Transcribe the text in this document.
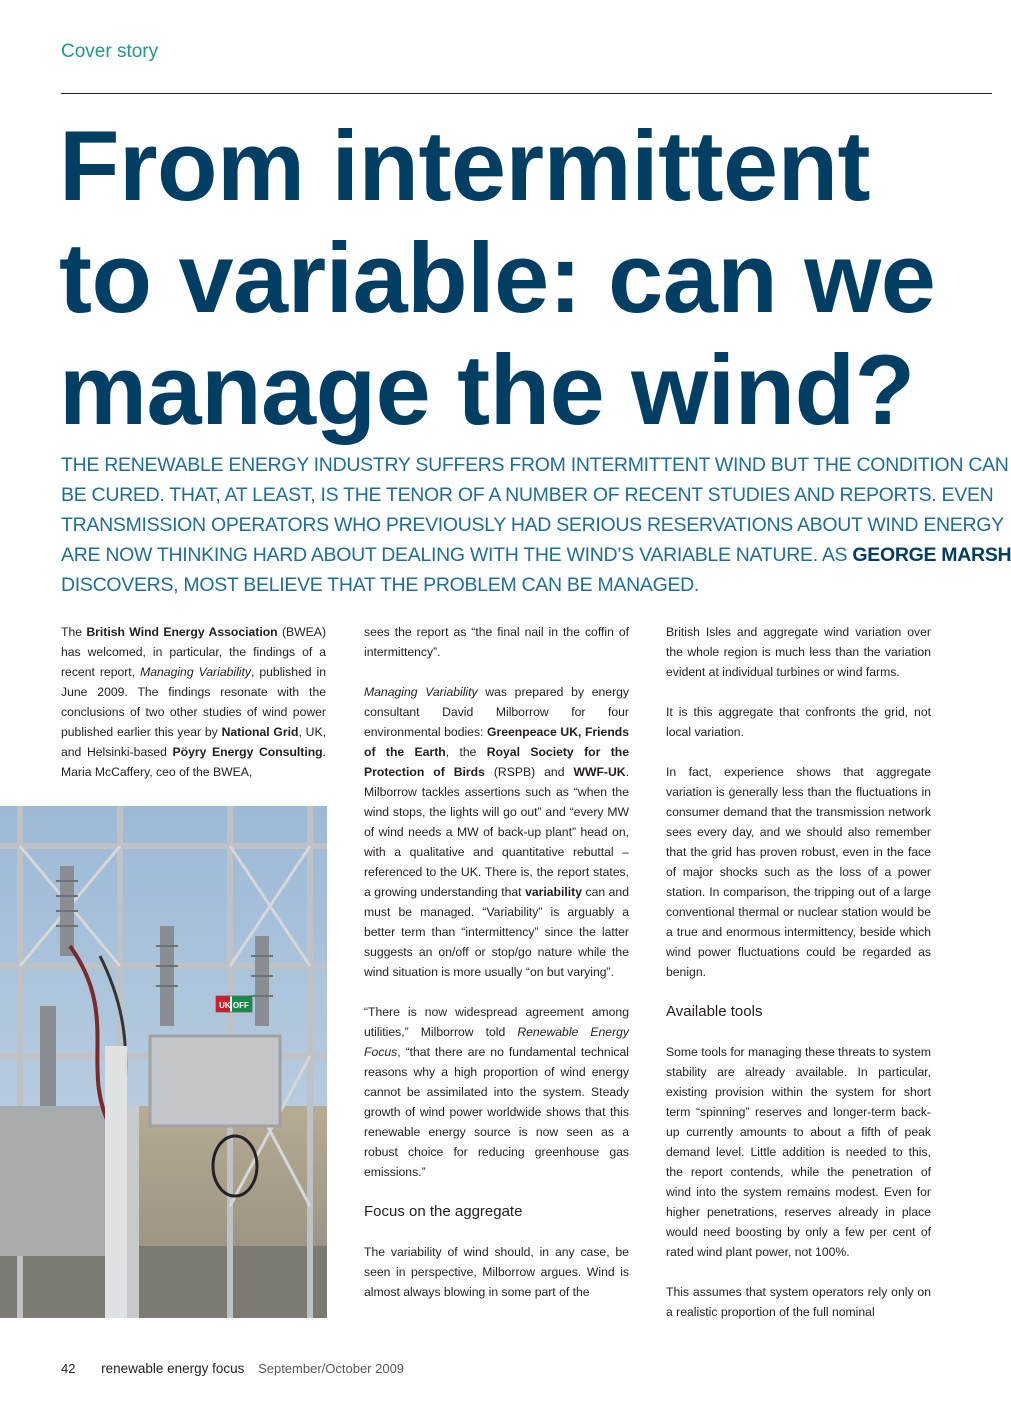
Cover story
From intermittent
to variable: can we
manage the wind?
THE RENEWABLE ENERGY INDUSTRY SUFFERS FROM INTERMITTENT WIND BUT THE CONDITION CAN
BE CURED. THAT, AT LEAST, IS THE TENOR OF A NUMBER OF RECENT STUDIES AND REPORTS. EVEN
TRANSMISSION OPERATORS WHO PREVIOUSLY HAD SERIOUS RESERVATIONS ABOUT WIND ENERGY
ARE NOW THINKING HARD ABOUT DEALING WITH THE WIND’S VARIABLE NATURE. AS GEORGE MARSH
DISCOVERS, MOST BELIEVE THAT THE PROBLEM CAN BE MANAGED.

The British Wind Energy Association (BWEA) has welcomed, in particular, the findings of a recent report, Managing Variability, published in June 2009. The findings resonate with the conclusions of two other studies of wind power published earlier this year by National Grid, UK, and Helsinki-based Pöyry Energy Consulting. Maria McCaffery, ceo of the BWEA,

UK OFF

sees the report as “the final nail in the coffin of intermittency”.

Managing Variability was prepared by energy consultant David Milborrow for four environmental bodies: Greenpeace UK, Friends of the Earth, the Royal Society for the Protection of Birds (RSPB) and WWF-UK. Milborrow tackles assertions such as “when the wind stops, the lights will go out” and “every MW of wind needs a MW of back-up plant” head on, with a qualitative and quantitative rebuttal – referenced to the UK. There is, the report states, a growing understanding that variability can and must be managed. “Variability” is arguably a better term than “intermittency” since the latter suggests an on/off or stop/go nature while the wind situation is more usually “on but varying”.

“There is now widespread agreement among utilities,” Milborrow told Renewable Energy Focus, “that there are no fundamental technical reasons why a high proportion of wind energy cannot be assimilated into the system. Steady growth of wind power worldwide shows that this renewable energy source is now seen as a robust choice for reducing greenhouse gas emissions.”

Focus on the aggregate

The variability of wind should, in any case, be seen in perspective, Milborrow argues. Wind is almost always blowing in some part of the

British Isles and aggregate wind variation over the whole region is much less than the variation evident at individual turbines or wind farms.

It is this aggregate that confronts the grid, not local variation.

In fact, experience shows that aggregate variation is generally less than the fluctuations in consumer demand that the transmission network sees every day, and we should also remember that the grid has proven robust, even in the face of major shocks such as the loss of a power station. In comparison, the tripping out of a large conventional thermal or nuclear station would be a true and enormous intermittency, beside which wind power fluctuations could be regarded as benign.

Available tools

Some tools for managing these threats to system stability are already available. In particular, existing provision within the system for short term “spinning” reserves and longer-term back-up currently amounts to about a fifth of peak demand level. Little addition is needed to this, the report contends, while the penetration of wind into the system remains modest. Even for higher penetrations, reserves already in place would need boosting by only a few per cent of rated wind plant power, not 100%.

This assumes that system operators rely only on a realistic proportion of the full nominal

42 renewable energy focus September/October 2009
